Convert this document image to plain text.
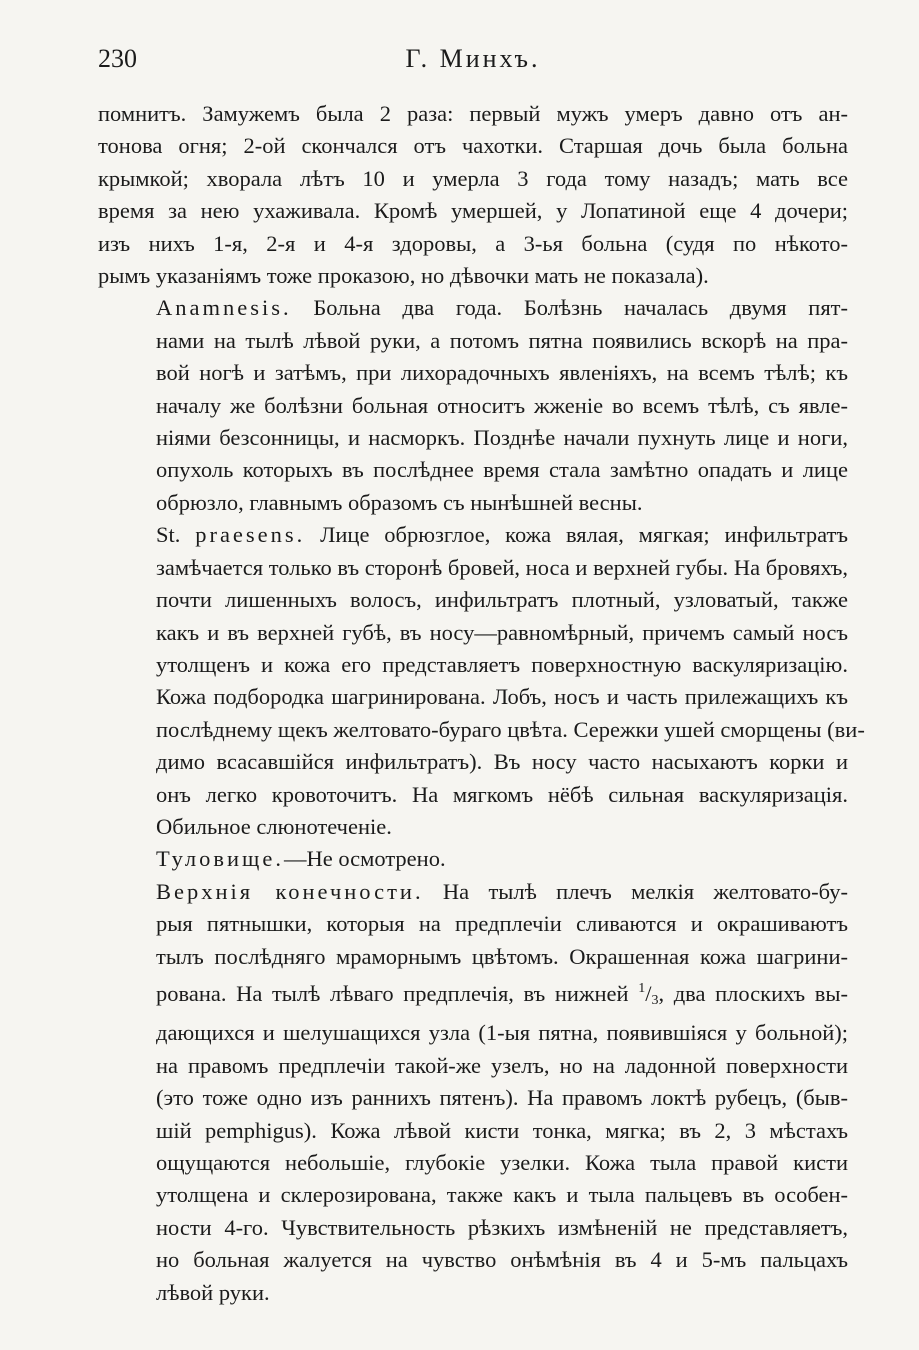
230	Г. Минхъ.

помнитъ. Замужемъ была 2 раза: первый мужъ умеръ давно отъ ан-
тонова огня; 2-ой скончался отъ чахотки. Старшая дочь была больна
крымкой; хворала лѣтъ 10 и умерла 3 года тому назадъ; мать все
время за нею ухаживала. Кромѣ умершей, у Лопатиной еще 4 дочери;
изъ нихъ 1-я, 2-я и 4-я здоровы, а 3-ья больна (судя по нѣкото-
рымъ указаніямъ тоже проказою, но дѣвочки мать не показала).

Anamnesis. Больна два года. Болѣзнь началась двумя пят-
нами на тылѣ лѣвой руки, а потомъ пятна появились вскорѣ на пра-
вой ногѣ и затѣмъ, при лихорадочныхъ явленіяхъ, на всемъ тѣлѣ; къ
началу же болѣзни больная относитъ жженіе во всемъ тѣлѣ, съ явле-
ніями безсонницы, и насморкъ. Позднѣе начали пухнуть лице и ноги,
опухоль которыхъ въ послѣднее время стала замѣтно опадать и лице
обрюзло, главнымъ образомъ съ нынѣшней весны.

St. praesens. Лице обрюзглое, кожа вялая, мягкая; инфильтратъ
замѣчается только въ сторонѣ бровей, носа и верхней губы. На бровяхъ,
почти лишенныхъ волосъ, инфильтратъ плотный, узловатый, также
какъ и въ верхней губѣ, въ носу—равномѣрный, причемъ самый носъ
утолщенъ и кожа его представляетъ поверхностную васкуляризацію.
Кожа подбородка шагринирована. Лобъ, носъ и часть прилежащихъ къ
послѣднему щекъ желтовато-бураго цвѣта. Сережки ушей сморщены (ви-
димо всасавшійся инфильтратъ). Въ носу часто насыхаютъ корки и
онъ легко кровоточитъ. На мягкомъ нёбѣ сильная васкуляризація.
Обильное слюнотеченіе.

Туловище.—Не осмотрено.

Верхнія конечности. На тылѣ плечъ мелкія желтовато-бу-
рыя пятнышки, которыя на предплечіи сливаются и окрашиваютъ
тылъ послѣдняго мраморнымъ цвѣтомъ. Окрашенная кожа шагрини-
рована. На тылѣ лѣваго предплечія, въ нижней $^1/_3$, два плоскихъ вы-
дающихся и шелушащихся узла (1-ыя пятна, появившіяся у больной);
на правомъ предплечіи такой-же узелъ, но на ладонной поверхности
(это тоже одно изъ раннихъ пятенъ). На правомъ локтѣ рубецъ, (быв-
шій pemphigus). Кожа лѣвой кисти тонка, мягка; въ 2, 3 мѣстахъ
ощущаются небольшіе, глубокіе узелки. Кожа тыла правой кисти
утолщена и склерозирована, также какъ и тыла пальцевъ въ особен-
ности 4-го. Чувствительность рѣзкихъ измѣненій не представляетъ,
но больная жалуется на чувство онѣмѣнія въ 4 и 5-мъ пальцахъ
лѣвой руки.
